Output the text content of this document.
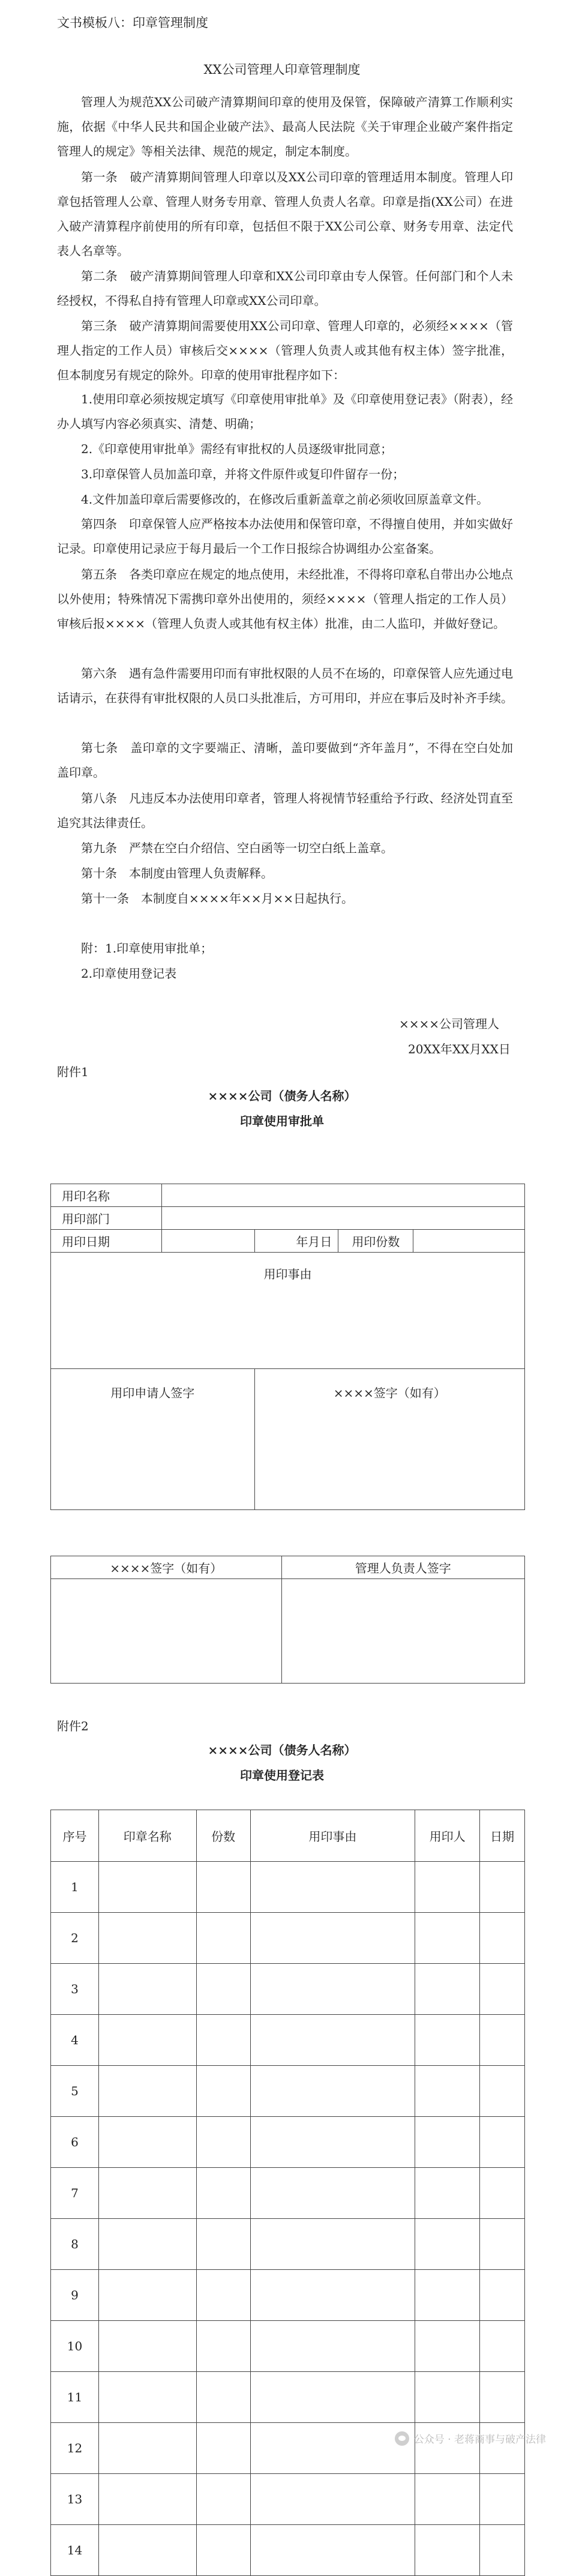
文书模板八：印章管理制度
XX公司管理人印章管理制度

管理人为规范XX公司破产清算期间印章的使用及保管，保障破产清算工作顺利实施，依据《中华人民共和国企业破产法》、最高人民法院《关于审理企业破产案件指定管理人的规定》等相关法律、规范的规定，制定本制度。

第一条　破产清算期间管理人印章以及XX公司印章的管理适用本制度。管理人印章包括管理人公章、管理人财务专用章、管理人负责人名章。印章是指(XX公司）在进入破产清算程序前使用的所有印章，包括但不限于XX公司公章、财务专用章、法定代表人名章等。

第二条　破产清算期间管理人印章和XX公司印章由专人保管。任何部门和个人未经授权，不得私自持有管理人印章或XX公司印章。

第三条　破产清算期间需要使用XX公司印章、管理人印章的，必须经××××（管理人指定的工作人员）审核后交××××（管理人负责人或其他有权主体）签字批准，但本制度另有规定的除外。印章的使用审批程序如下：

1.使用印章必须按规定填写《印章使用审批单》及《印章使用登记表》（附表），经办人填写内容必须真实、清楚、明确；

2.《印章使用审批单》需经有审批权的人员逐级审批同意；

3.印章保管人员加盖印章，并将文件原件或复印件留存一份；

4.文件加盖印章后需要修改的，在修改后重新盖章之前必须收回原盖章文件。

第四条　印章保管人应严格按本办法使用和保管印章，不得擅自使用，并如实做好记录。印章使用记录应于每月最后一个工作日报综合协调组办公室备案。

第五条　各类印章应在规定的地点使用，未经批准，不得将印章私自带出办公地点以外使用；特殊情况下需携印章外出使用的，须经××××（管理人指定的工作人员）审核后报××××（管理人负责人或其他有权主体）批准，由二人监印，并做好登记。

第六条　遇有急件需要用印而有审批权限的人员不在场的，印章保管人应先通过电话请示，在获得有审批权限的人员口头批准后，方可用印，并应在事后及时补齐手续。

第七条　盖印章的文字要端正、清晰，盖印要做到“齐年盖月”，不得在空白处加盖印章。

第八条　凡违反本办法使用印章者，管理人将视情节轻重给予行政、经济处罚直至追究其法律责任。

第九条　严禁在空白介绍信、空白函等一切空白纸上盖章。

第十条　本制度由管理人负责解释。

第十一条　本制度自××××年××月××日起执行。

附：1.印章使用审批单；
2.印章使用登记表
××××公司管理人
20XX年XX月XX日
附件1
××××公司（债务人名称）
印章使用审批单
用印名称				
用印部门				
用印日期		年月日	用印份数	
用印事由				
用印申请人签字		××××签字（如有）		
××××签字（如有）	管理人负责人签字

附件2
××××公司（债务人名称）
印章使用登记表
序号	印章名称	份数	用印事由	用印人	日期
1					
2					
3					
4					
5					
6					
7					
8					
9					
10					
11					
12					
13					
14					
公众号 · 老蒋商事与破产法律
